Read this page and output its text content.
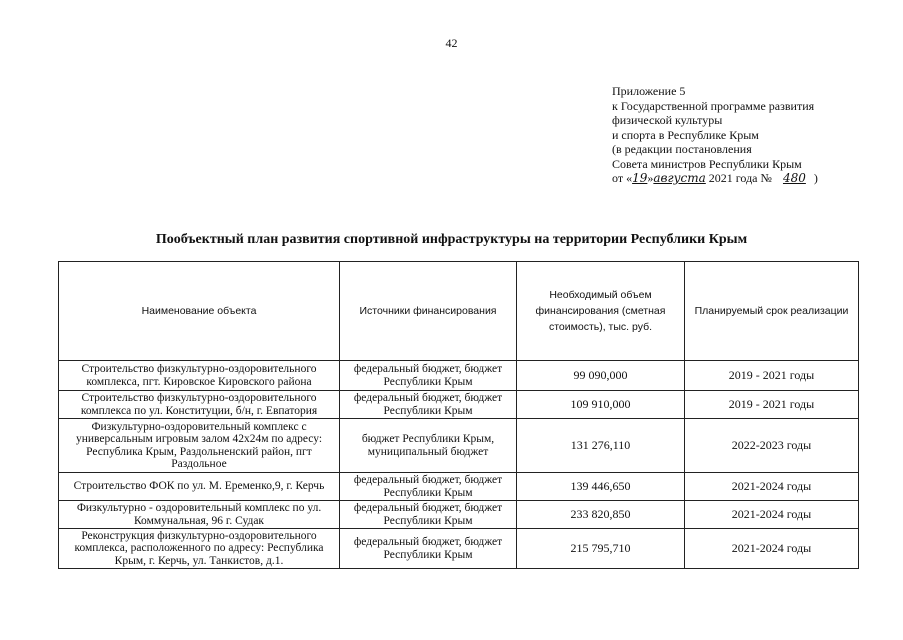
42
Приложение 5
к Государственной программе развития
физической культуры
и спорта в Республике Крым
(в редакции постановления
Совета министров Республики Крым
от «19»августа 2021 года № 480 )
Пообъектный план развития спортивной инфраструктуры на территории Республики Крым
Наименование объекта	Источники финансирования	Необходимый объем финансирования (сметная стоимость), тыс. руб.	Планируемый срок реализации
Строительство физкультурно-оздоровительного комплекса, пгт. Кировское Кировского района	федеральный бюджет, бюджет Республики Крым	99 090,000	2019 - 2021 годы
Строительство физкультурно-оздоровительного комплекса по ул. Конституции, б/н, г. Евпатория	федеральный бюджет, бюджет Республики Крым	109 910,000	2019 - 2021 годы
Физкультурно-оздоровительный комплекс с универсальным игровым залом 42х24м по адресу: Республика Крым, Раздольненский район, пгт Раздольное	бюджет Республики Крым, муниципальный бюджет	131 276,110	2022-2023 годы
Строительство ФОК по ул. М. Еременко,9, г. Керчь	федеральный бюджет, бюджет Республики Крым	139 446,650	2021-2024 годы
Физкультурно - оздоровительный комплекс по ул. Коммунальная, 96 г. Судак	федеральный бюджет, бюджет Республики Крым	233 820,850	2021-2024 годы
Реконструкция физкультурно-оздоровительного комплекса, расположенного по адресу: Республика Крым, г. Керчь, ул. Танкистов, д.1.	федеральный бюджет, бюджет Республики Крым	215 795,710	2021-2024 годы
